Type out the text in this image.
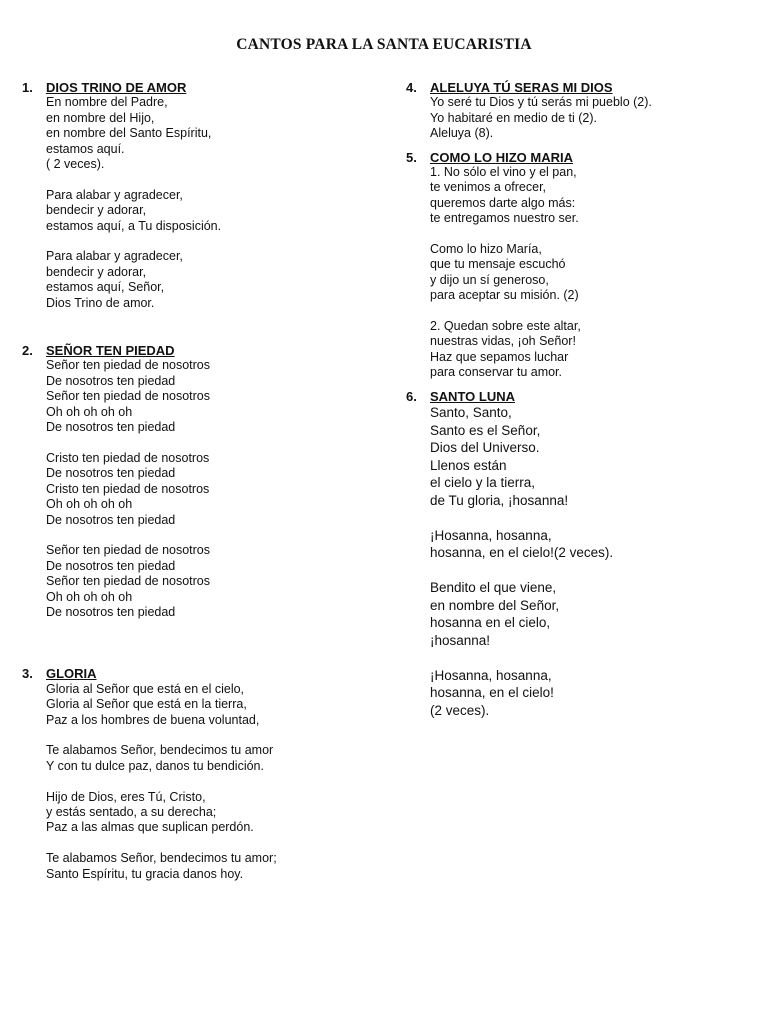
CANTOS PARA LA SANTA EUCARISTIA
1. DIOS TRINO DE AMOR
En nombre del Padre,
en nombre del Hijo,
en nombre del Santo Espíritu,
estamos aquí.
( 2 veces).
Para alabar y agradecer,
bendecir y adorar,
estamos aquí, a Tu disposición.
Para alabar y agradecer,
bendecir y adorar,
estamos aquí, Señor,
Dios Trino de amor.
2. SEÑOR TEN PIEDAD
Señor ten piedad de nosotros
De nosotros ten piedad
Señor ten piedad de nosotros
Oh oh oh oh oh
De nosotros ten piedad
Cristo ten piedad de nosotros
De nosotros ten piedad
Cristo ten piedad de nosotros
Oh oh oh oh oh
De nosotros ten piedad
Señor ten piedad de nosotros
De nosotros ten piedad
Señor ten piedad de nosotros
Oh oh oh oh oh
De nosotros ten piedad
3. GLORIA
Gloria al Señor que está en el cielo,
Gloria al Señor que está en la tierra,
Paz a los hombres de buena voluntad,
Te alabamos Señor, bendecimos tu amor
Y con tu dulce paz, danos tu bendición.
Hijo de Dios, eres Tú, Cristo,
y estás sentado, a su derecha;
Paz a las almas que suplican perdón.
Te alabamos Señor, bendecimos tu amor;
Santo Espíritu, tu gracia danos hoy.
4. ALELUYA TÚ SERAS MI DIOS
Yo seré tu Dios y tú serás mi pueblo (2).
Yo habitaré en medio de ti (2).
Aleluya (8).
5. COMO LO HIZO MARIA
1. No sólo el vino y el pan,
te venimos a ofrecer,
queremos darte algo más:
te entregamos nuestro ser.
Como lo hizo María,
que tu mensaje escuchó
y dijo un sí generoso,
para aceptar su misión. (2)
2. Quedan sobre este altar,
nuestras vidas, ¡oh Señor!
Haz que sepamos luchar
para conservar tu amor.
6. SANTO LUNA
Santo, Santo,
Santo es el Señor,
Dios del Universo.
Llenos están
el cielo y la tierra,
de Tu gloria, ¡hosanna!
¡Hosanna, hosanna,
hosanna, en el cielo!(2 veces).
Bendito el que viene,
en nombre del Señor,
hosanna en el cielo,
¡hosanna!
¡Hosanna, hosanna,
hosanna, en el cielo!
(2 veces).
